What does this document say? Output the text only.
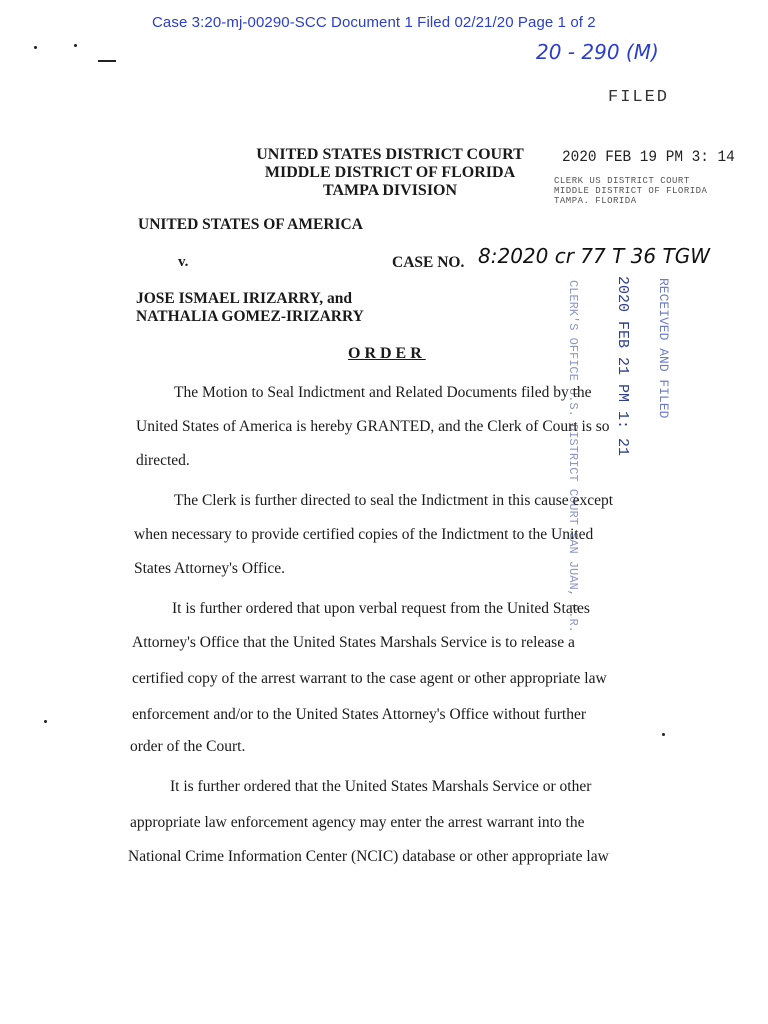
Case 3:20-mj-00290-SCC Document 1 Filed 02/21/20 Page 1 of 2
20 - 290 (M)
FILED
UNITED STATES DISTRICT COURT
MIDDLE DISTRICT OF FLORIDA
TAMPA DIVISION
2020 FEB 19 PM 3: 14
CLERK US DISTRICT COURT
MIDDLE DISTRICT OF FLORIDA
TAMPA. FLORIDA
UNITED STATES OF AMERICA
v.	CASE NO. 8:2020 cr 77 T 36 TGW
JOSE ISMAEL IRIZARRY, and
NATHALIA GOMEZ-IRIZARRY
ORDER	CLERK'S OFFICE U.S. DISTRICT COURT SAN JUAN, P.R. 2020 FEB 21 PM 1: 21 RECEIVED AND FILED
The Motion to Seal Indictment and Related Documents filed by the
United States of America is hereby GRANTED, and the Clerk of Court is so
directed.
The Clerk is further directed to seal the Indictment in this cause except
when necessary to provide certified copies of the Indictment to the United
States Attorney's Office.
It is further ordered that upon verbal request from the United States
Attorney's Office that the United States Marshals Service is to release a
certified copy of the arrest warrant to the case agent or other appropriate law
enforcement and/or to the United States Attorney's Office without further
order of the Court.
It is further ordered that the United States Marshals Service or other
appropriate law enforcement agency may enter the arrest warrant into the
National Crime Information Center (NCIC) database or other appropriate law
